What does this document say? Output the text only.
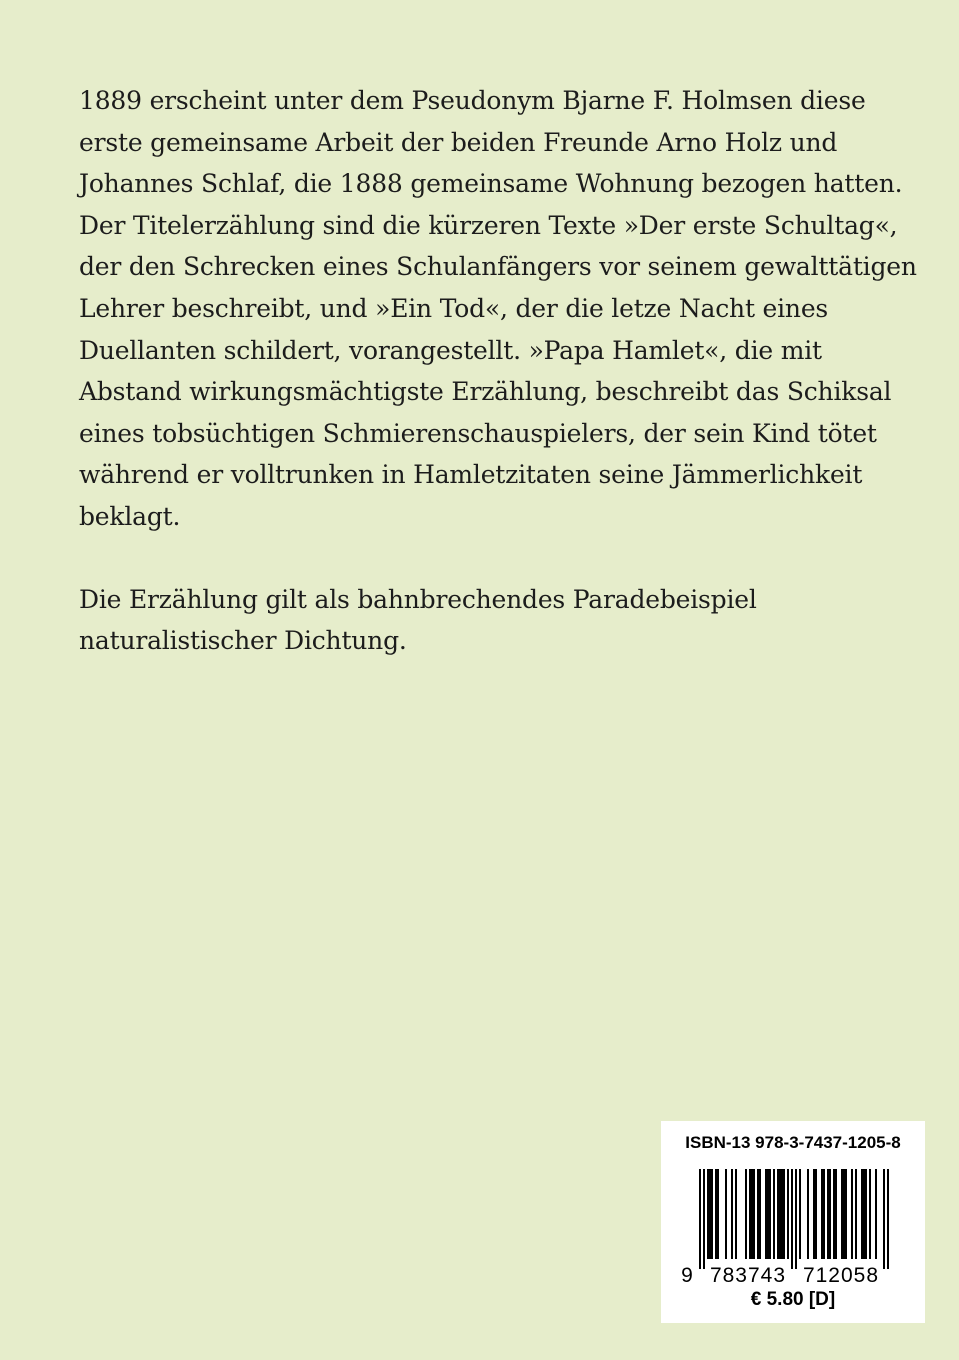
1889 erscheint unter dem Pseudonym Bjarne F. Holmsen diese
erste gemeinsame Arbeit der beiden Freunde Arno Holz und
Johannes Schlaf, die 1888 gemeinsame Wohnung bezogen hatten.
Der Titelerzählung sind die kürzeren Texte »Der erste Schultag«,
der den Schrecken eines Schulanfängers vor seinem gewalttätigen
Lehrer beschreibt, und »Ein Tod«, der die letze Nacht eines
Duellanten schildert, vorangestellt. »Papa Hamlet«, die mit
Abstand wirkungsmächtigste Erzählung, beschreibt das Schiksal
eines tobsüchtigen Schmierenschauspielers, der sein Kind tötet
während er volltrunken in Hamletzitaten seine Jämmerlichkeit
beklagt.

Die Erzählung gilt als bahnbrechendes Paradebeispiel
naturalistischer Dichtung.

ISBN-13 978-3-7437-1205-8
9 783743 712058
€ 5.80 [D]
